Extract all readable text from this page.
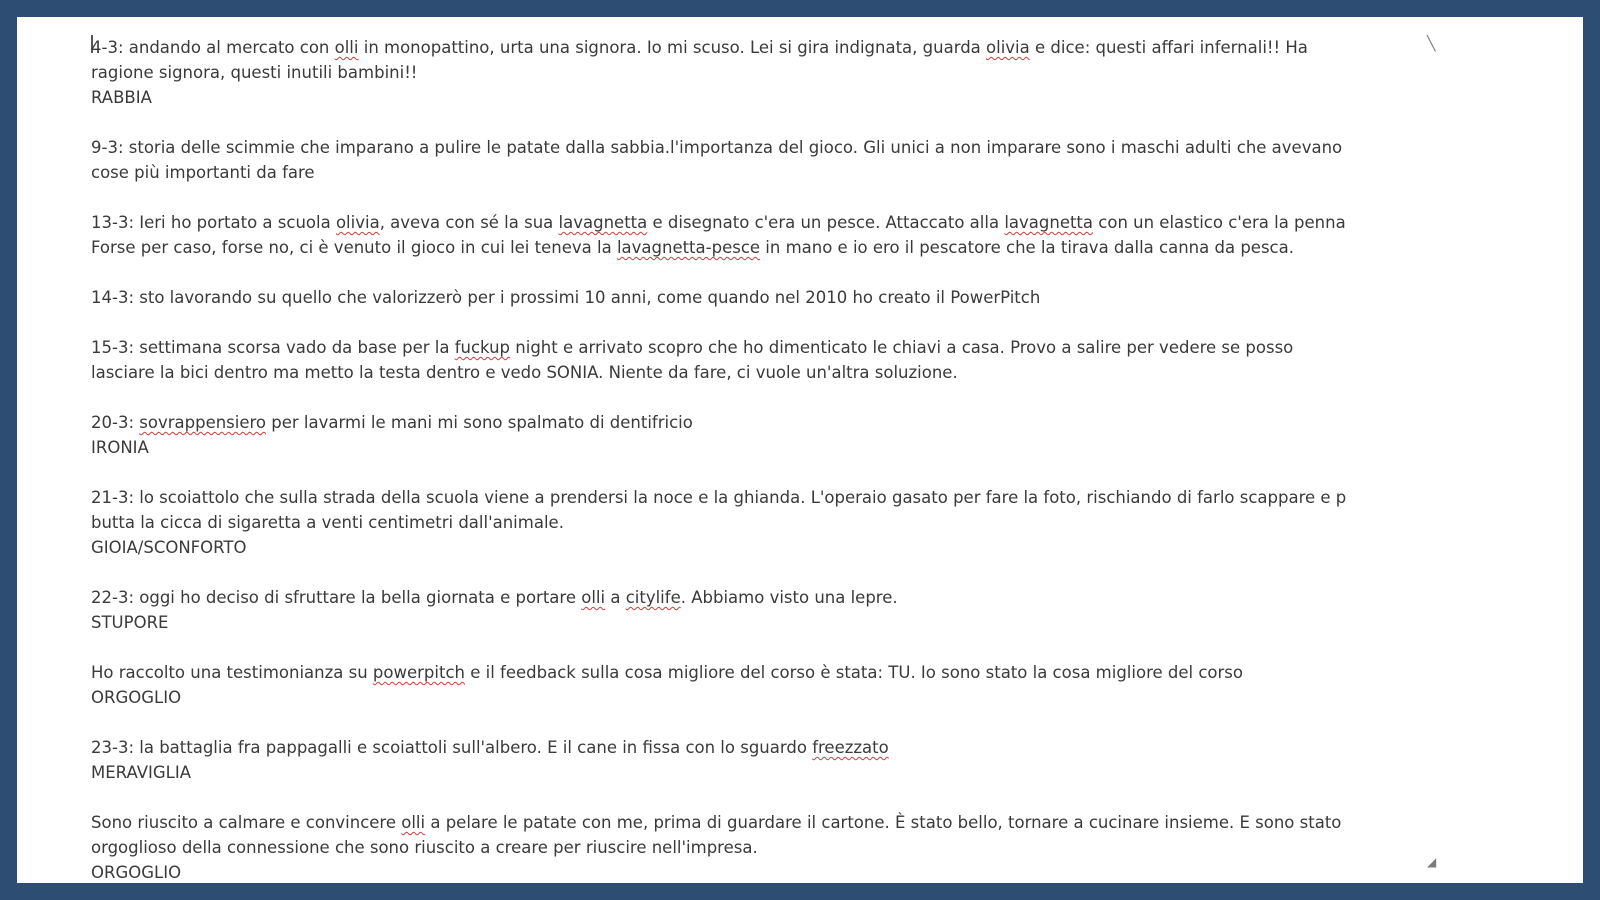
╲
4-3: andando al mercato con olli in monopattino, urta una signora. Io mi scuso. Lei si gira indignata, guarda olivia e dice: questi affari infernali!! Ha
ragione signora, questi inutili bambini!!
RABBIA
9-3: storia delle scimmie che imparano a pulire le patate dalla sabbia.l'importanza del gioco. Gli unici a non imparare sono i maschi adulti che avevano
cose più importanti da fare
13-3: Ieri ho portato a scuola olivia, aveva con sé la sua lavagnetta e disegnato c'era un pesce. Attaccato alla lavagnetta con un elastico c'era la penna
Forse per caso, forse no, ci è venuto il gioco in cui lei teneva la lavagnetta-pesce in mano e io ero il pescatore che la tirava dalla canna da pesca.
14-3: sto lavorando su quello che valorizzerò per i prossimi 10 anni, come quando nel 2010 ho creato il PowerPitch
15-3: settimana scorsa vado da base per la fuckup night e arrivato scopro che ho dimenticato le chiavi a casa. Provo a salire per vedere se posso
lasciare la bici dentro ma metto la testa dentro e vedo SONIA. Niente da fare, ci vuole un'altra soluzione.
20-3: sovrappensiero per lavarmi le mani mi sono spalmato di dentifricio
IRONIA
21-3: lo scoiattolo che sulla strada della scuola viene a prendersi la noce e la ghianda. L'operaio gasato per fare la foto, rischiando di farlo scappare e p
butta la cicca di sigaretta a venti centimetri dall'animale.
GIOIA/SCONFORTO
22-3: oggi ho deciso di sfruttare la bella giornata e portare olli a citylife. Abbiamo visto una lepre.
STUPORE
Ho raccolto una testimonianza su powerpitch e il feedback sulla cosa migliore del corso è stata: TU. Io sono stato la cosa migliore del corso
ORGOGLIO
23-3: la battaglia fra pappagalli e scoiattoli sull'albero. E il cane in fissa con lo sguardo freezzato
MERAVIGLIA
Sono riuscito a calmare e convincere olli a pelare le patate con me, prima di guardare il cartone. È stato bello, tornare a cucinare insieme. E sono stato
orgoglioso della connessione che sono riuscito a creare per riuscire nell'impresa.
ORGOGLIO
◢
